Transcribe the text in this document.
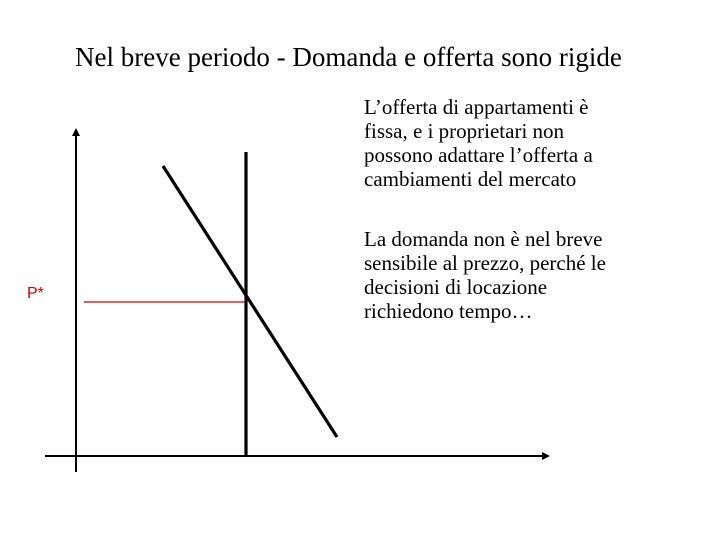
Nel breve periodo - Domanda e offerta sono rigide
P*
L’offerta di appartamenti è
fissa, e i proprietari non
possono adattare l’offerta a
cambiamenti del mercato
La domanda non è nel breve
sensibile al prezzo, perché le
decisioni di locazione
richiedono tempo…
